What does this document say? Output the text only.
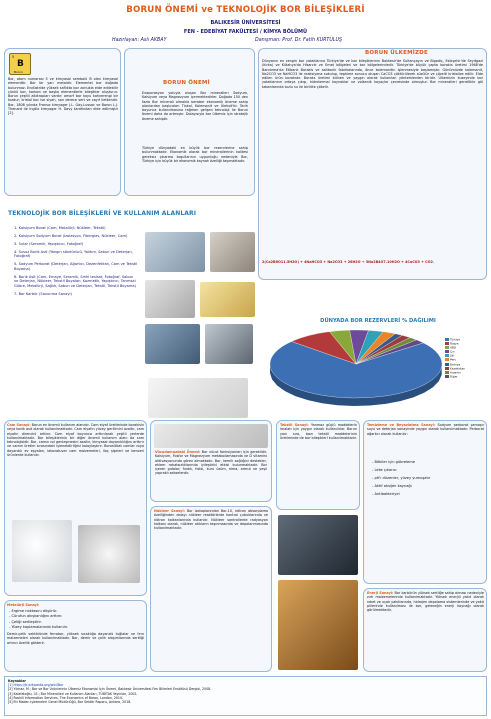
BORUN ÖNEMİ ve TEKNOLOJİK BOR BİLEŞİKLERİ
BALIKESİR ÜNİVERSİTESİ
FEN - EDEBİYAT FAKÜLTESİ / KİMYA BÖLÜMÜ
Hazırlayan: Aslı AKBAY	Danışman: Prof. Dr. Fatih KURTULUŞ
5
B
Boron
Bor, atom numarası 5 ve kimyasal sembolü B olan kimyasal elementtir. Bor bir yarı metaldir. Elementel bor doğada bulunmaz. Endüstride yüksek saflıkta bor zorlukla elde edilebilir çünkü bor, karbon ve başka elementlerle bileşikler oluşturur. Borun çeşitli allotropları vardır: amorf bor koyu kahverengi bir tozdur; kristal bor ise siyah, son derece sert ve zayıf iletkendir. Bor, 1808 yılında Fransız kimyager J.L. Gay-Lussac ve Baron L.J. Thenard ile İngiliz kimyager H. Davy tarafından elde edilmiştir [2].
BORUN ÖNEMİ
Evaporasyon yoluyla oluşan Bor minerallerı Sodyum, Kalsiyum veya Magnezyum içermektedirler. Doğada 150 den fazla Bor minerali olmakla beraber ekonomik öneme sahip olanlardan başlıcaları Tinkal, Kolemanit ve Üleksit'tir. Tarih boyunca kullanılmasına rağmen gelişen teknoloji ile Borun önemi daha da artmıştır. Dolayısıyla bor ülkemiz için stratejik öneme sahiptir.
Türkiye dünyadaki en büyük bor rezervlerine sahip bulunmaktadır. Ekonomik olarak bor minerallerinin kalitesi gereksiz çıkarma koşullarının uygunluğu nedeniyle Bor, Türkiye için büyük bir ekonomik kaynak özelliği taşımaktadır.
BORUN ÜLKEMİZDE
Dünyanın en zengin bor yataklarına Türkiye'de ve bor bileşiklerinin Balıkesir'de Sultançayırı ve Bigadiç, Eskişehir'de Seyitgazi (Kırka) ve Kütahya'da Hisarcık ve Emet bölgeleri ve bor bölgelerindedir. Türkiye'de büyük çapta borakis üretimi 1968'de Bandırma'da Etibank Borakis ve asitborik fabrikalarında, önce kolemanitin işlenmesiyle başlamıştır. Günümüzde kolemanit, Na2CO3 ve NaHCO3 ile reaksiyona sokulup, tepkime sonucu oluşan CaCO3 çöktürülerek süzülür ve çözelti kristalize edilir. Elde edilen ürün borakstır. Boraks üretimi bilinen ve yaygın olarak kullanılan yöntemlerden biridir. Ülkemizin kuzeyinde bor yataklarının ortaya çıkışı, hidrotermal kaynaklar ve volkanik kayaçlar çevresinde olmuştur. Bor mineralleri genellikle göl tabanlarında tuzlu su ile birlikte çökelir.
2(Ca2B6O11.5H2O) + 4NaHCO3 + Na2CO3 + 28H2O → 3Na2B4O7.10H2O + 4CaCO3 + CO2.
TEKNOLOJİK BOR BİLEŞİKLERİ VE KULLANIM ALANLARI
1. Kalsiyum Borat (Cam, Metalürji, Nükleer, Tekstil)
2. Kalsiyum Sodyum Borat (İzolasyon, Fiberglas, Nükleer, Cam)
3. Sırlar (Seramik, Yapıştırıcı, Fotoğraf)
4. Susuz Borik Asit (Yangın söndürücü, Yalıtım, Sabun ve Deterjan, Fotoğraf)
5. Sodyum Perborat (Deterjan, Ağartıcı, Dezenfektan, Cam ve Tekstil Boyama)
6. Borik Asit (Cam, Emaye, Seramik, Sıhhi tesisat, Fotoğraf, Sabun ve Deterjan, Nükleer, Tekstil Boyaları, Kozmetik, Yapıştırıcı, Tarımsal Gübre, Metalürji, Sağlık, Sabun ve Deterjan, Tekstil, Tekstil Boyama)
7. Bor Karbür (Savunma Sanayi)
DÜNYADA BOR REZERVLERİ % DAĞILIMI
Türkiye
Rusya
ABD
Çin
Şili
Peru
Bolivya
Kazakistan
Arjantin
Diğer
Cam Sanayi: Borun en önemli kullanım alanıdır. Cam elyaf üretiminde borakisin veya borik asit olarak kullanılmaktadır. Cam elyafın yüzey gerilimini azaltır, cam elyafın direncini arttırır. Cam elyaf boyunca arttırılarak çeşitli yerlerde kullanılmaktadır. Bor bileşiklerinin bir diğer önemli kullanım alanı da cam teknolojisidir. Bor, camın ısıl genleşmesini azaltır, kimyasal dayanıklılığını arttırır ve camın üretim sırasındaki işlenebilirliğini kolaylaştırır. Borosilikat camlar ısıya dayanıklı ev eşyaları, laboratuvar cam malzemeleri, ilaç şişeleri ve benzeri ürünlerde kullanılır.
Vücudumuzdaki Önemi: Bor vücut fonksiyonları için gereklidir. Kalsiyum, Fosfor ve Magnezyum metabolizmasında ve D vitamini aktivasyonunda görev almaktadır. Bor, kemik sağlığını destekler, eklem rahatsızlıklarında iyileştirici etkisi bulunmaktadır. Bor içeren gıdalar; fındık, fıstık, kuru üzüm, elma, armut ve yeşil yapraklı sebzelerdir.
Tekstil Sanayi: Yanmaz güçlü maddelerin imalatı için yaygın olarak kullanılırlar. Borun yanı sıra, bazı tekstil maddelerinin üretiminde de bor bileşikleri kullanılmaktadır.
Temizleme ve Beyazlatma Sanayi: Sodyum perborat çamaşır suyu ve deterjan sanayinde yaygın olarak kullanılmaktadır. Perborat ağartıcı olarak kullanılır:
- Bitkiler için gübreleme
- Leke çıkarıcı
- pH'ı düzenler, yüzey yumuşatır
- Aktif oksijen kaynağı
- Antibakteriyel
Metalürji Sanayi:
- Ergime noktasını düşürür.
- Cürufun akışkanlığını arttırır.
- Çeliği sertleştirir.
- Yüzey kaplamalarında kullanılır.
Demir-çelik sektöründe ferrobor, yüksek sıcaklığa dayanıklı tuğlalar ve fırın malzemeleri olarak kullanılmaktadır. Bor, demir ve çelik alaşımlarında sertliği artırıcı özellik gösterir.
Nükleer Sanayi: Bor izotoplarından Bor-10, nötron absorplama özelliğinden dolayı nükleer reaktörlerde kontrol çubuklarında ve nötron kalkanlarında kullanılır. Nükleer santrallerde radyasyon kalkanı olarak, nükleer atıkların taşınmasında ve depolanmasında kullanılmaktadır.
Enerji Sanayi: Bor karbürün yüksek sertliğe sahip olması nedeniyle zırh malzemelerinde kullanılmaktadır. Yüksek enerjili yakıt olarak roket ve uçak yakıtlarında, hidrojen depolama sistemlerinde ve yakıt pillerinde kullanılması ile bor, geleceğin enerji kaynağı olarak görülmektedir.
Kaynaklar
[1] https://tr.wikipedia.org/wiki/Bor
[2] Yılmaz, M.; Bor ve Bor Ürünlerinin Ülkemiz Ekonomisi İçin Önemi, Balıkesir Üniversitesi Fen Bilimleri Enstitüsü Dergisi, 2008.
[3] Kalafatoğlu, İ.E.; Bor Mineralleri ve Kullanım Alanları, TÜBİTAK Yayınları, 2002.
[4] Roskill Information Services, The Economics of Boron, London, 2010.
[5] Eti Maden İşletmeleri Genel Müdürlüğü, Bor Sektör Raporu, Ankara, 2018.
